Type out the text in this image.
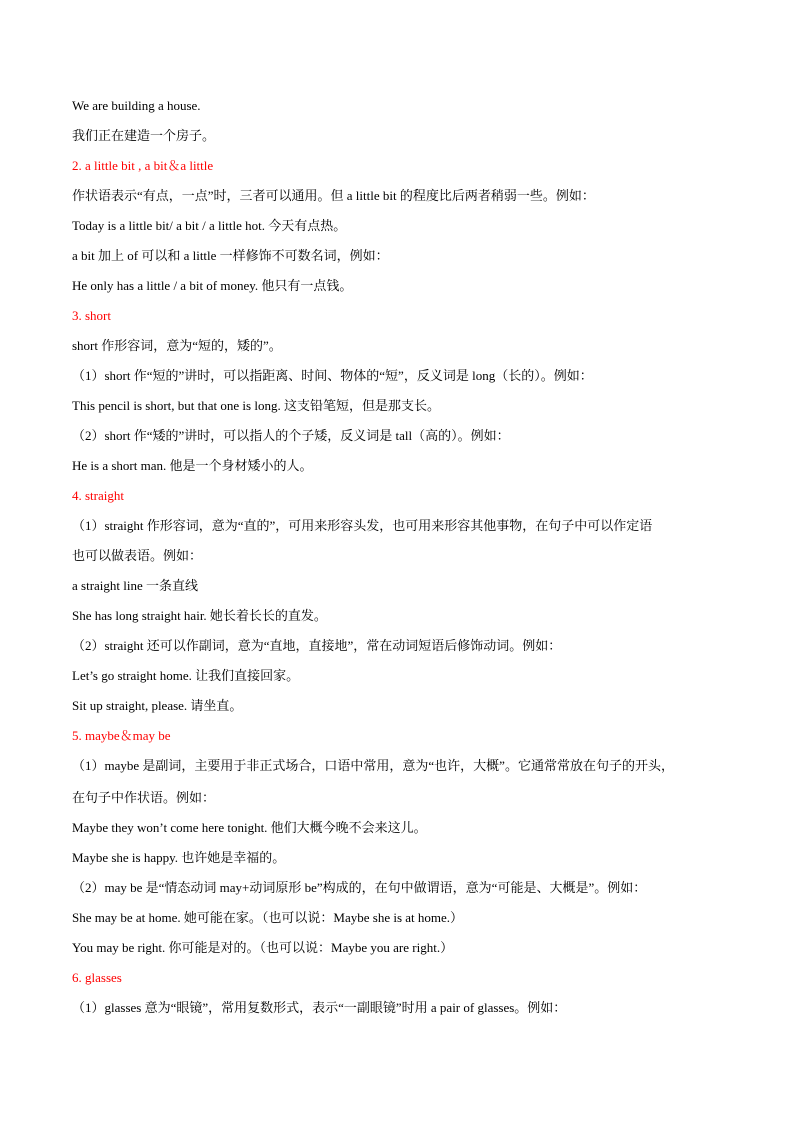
We are building a house.
我们正在建造一个房子。
2. a little bit , a bit＆a little
作状语表示“有点，一点”时，三者可以通用。但 a little bit 的程度比后两者稍弱一些。例如：
Today is a little bit/ a bit / a little hot. 今天有点热。
a bit 加上 of 可以和 a little 一样修饰不可数名词，例如：
He only has a little / a bit of money. 他只有一点钱。
3. short
short 作形容词，意为“短的，矮的”。
（1）short 作“短的”讲时，可以指距离、时间、物体的“短”，反义词是 long（长的）。例如：
This pencil is short, but that one is long. 这支铅笔短，但是那支长。
（2）short 作“矮的”讲时，可以指人的个子矮，反义词是 tall（高的）。例如：
He is a short man. 他是一个身材矮小的人。
4. straight
（1）straight 作形容词，意为“直的”，可用来形容头发，也可用来形容其他事物，在句子中可以作定语
也可以做表语。例如：
a straight line 一条直线
She has long straight hair. 她长着长长的直发。
（2）straight 还可以作副词，意为“直地，直接地”，常在动词短语后修饰动词。例如：
Let’s go straight home. 让我们直接回家。
Sit up straight, please. 请坐直。
5. maybe＆may be
（1）maybe 是副词，主要用于非正式场合，口语中常用，意为“也许，大概”。它通常常放在句子的开头，
在句子中作状语。例如：
Maybe they won’t come here tonight. 他们大概今晚不会来这儿。
Maybe she is happy. 也许她是幸福的。
（2）may be 是“情态动词 may+动词原形 be”构成的，在句中做谓语，意为“可能是、大概是”。例如：
She may be at home. 她可能在家。（也可以说：Maybe she is at home.）
You may be right. 你可能是对的。（也可以说：Maybe you are right.）
6. glasses
（1）glasses 意为“眼镜”，常用复数形式，表示“一副眼镜”时用 a pair of glasses。例如：
